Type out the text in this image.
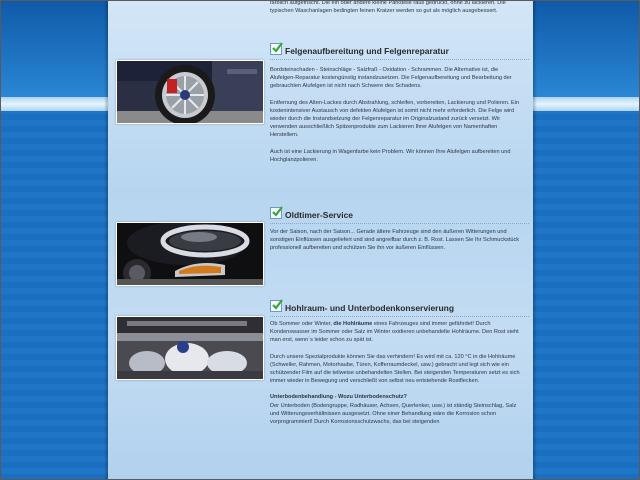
farblich aufgefrischt. Die ein oder andere kleine Parkdelle raus gedrückt, ohne zu lackieren. Die typischen Waschanlagen bedingten feinen Kratzer werden so gut als möglich ausgebessert.

Felgenaufbereitung und Felgenreparatur

Bordsteinschaden - Steinschläge - Salzfraß - Oxidation - Schrammen. Die Alternative ist, die Alufelgen-Reparatur kostengünstig instandzusetzen. Die Felgenaufbereitung und Bearbeitung der gebrauchten Alufelgen ist nicht nach Schwere des Schadens.

Entfernung des Alten-Lackes durch Abstrahlung, schleifen, vorbereiten, Lackierung und Polieren. Ein kostenintensiver Austausch von defekten Alufelgen ist somit nicht mehr erforderlich. Die Felge wird wieder durch die Instandsetzung der Felgenreparatur im Originalzustand zurück versetzt. Wir verwenden ausschließlich Spitzenprodukte zum Lackieren Ihrer Alufelgen von Namenhaften Herstellern.

Auch ist eine Lackierung in Wagenfarbe kein Problem. Wir können Ihre Alufelgen aufbereiten und Hochglanzpolieren.

Oldtimer-Service

Vor der Saison, nach der Saison... Gerade ältere Fahrzeuge sind den äußeren Witterungen und sonstigen Einflüssen ausgeliefert und sind angreifbar durch z. B. Rost. Lassen Sie Ihr Schmuckstück professionell aufbereiten und schützen Sie ihn vor äußeren Einflüssen.

Hohlraum- und Unterbodenkonservierung

Ob Sommer oder Winter, die Hohlräume eines Fahrzeuges sind immer gefährdet! Durch Kondenswasser im Sommer oder Salz im Winter oxidieren unbehandelte Hohlräume. Den Rost sieht man erst, wenn´s leider schon zu spät ist.

Durch unsere Spezialprodukte können Sie das verhindern! Es wird mit ca. 120 °C in die Hohlräume (Schweller, Rahmen, Motorhaube, Türen, Kofferraumdeckel, usw.) gebracht und legt sich wie ein schützender Film auf die teilweise unbehandelten Stellen. Bei steigenden Temperaturen setzt es sich immer wieder in Bewegung und verschließt von selbst neu entstehende Rostflecken.

Unterbodenbehandlung - Wozu Unterbodenschutz?

Der Unterboden (Bodengruppe, Radhäuser, Achsen, Querlenker, usw.) ist ständig Steinschlag, Salz und Witterungsverhältnissen ausgesetzt. Ohne einer Behandlung wäre die Korrosion schon vorprogrammiert! Durch Korrosionsschutzwachs, das bei steigenden
